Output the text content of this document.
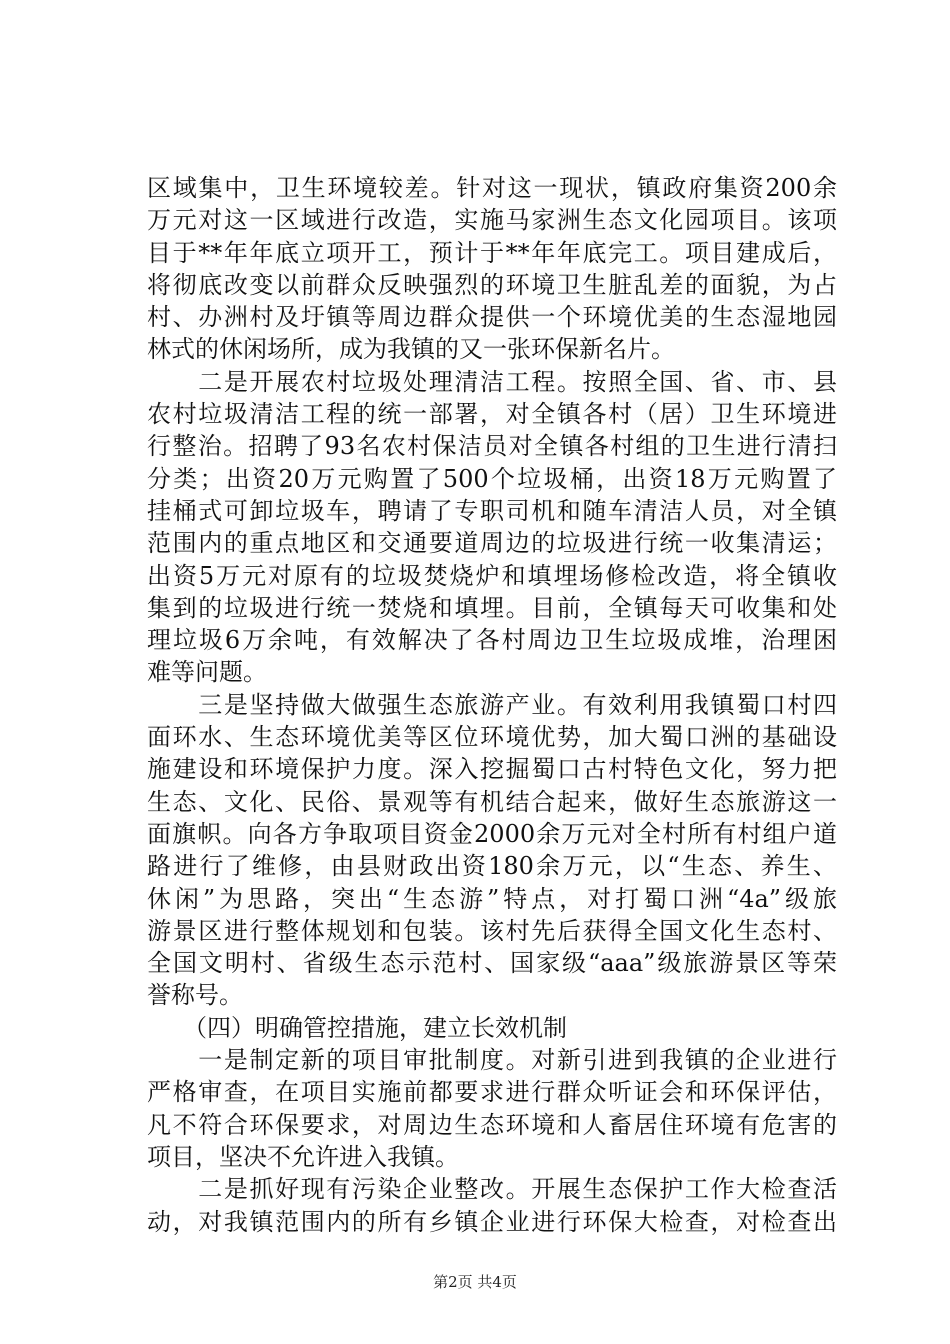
区域集中，卫生环境较差。针对这一现状，镇政府集资200余
万元对这一区域进行改造，实施马家洲生态文化园项目。该项
目于**年年底立项开工，预计于**年年底完工。项目建成后，
将彻底改变以前群众反映强烈的环境卫生脏乱差的面貌，为占
村、办洲村及圩镇等周边群众提供一个环境优美的生态湿地园
林式的休闲场所，成为我镇的又一张环保新名片。
　　二是开展农村垃圾处理清洁工程。按照全国、省、市、县
农村垃圾清洁工程的统一部署，对全镇各村（居）卫生环境进
行整治。招聘了93名农村保洁员对全镇各村组的卫生进行清扫
分类；出资20万元购置了500个垃圾桶，出资18万元购置了
挂桶式可卸垃圾车，聘请了专职司机和随车清洁人员，对全镇
范围内的重点地区和交通要道周边的垃圾进行统一收集清运；
出资5万元对原有的垃圾焚烧炉和填埋场修检改造，将全镇收
集到的垃圾进行统一焚烧和填埋。目前，全镇每天可收集和处
理垃圾6万余吨，有效解决了各村周边卫生垃圾成堆，治理困
难等问题。
　　三是坚持做大做强生态旅游产业。有效利用我镇蜀口村四
面环水、生态环境优美等区位环境优势，加大蜀口洲的基础设
施建设和环境保护力度。深入挖掘蜀口古村特色文化，努力把
生态、文化、民俗、景观等有机结合起来，做好生态旅游这一
面旗帜。向各方争取项目资金2000余万元对全村所有村组户道
路进行了维修，由县财政出资180余万元，以“生态、养生、
休闲”为思路，突出“生态游”特点，对打蜀口洲“4a”级旅
游景区进行整体规划和包装。该村先后获得全国文化生态村、
全国文明村、省级生态示范村、国家级“aaa”级旅游景区等荣
誉称号。
　　（四）明确管控措施，建立长效机制
　　一是制定新的项目审批制度。对新引进到我镇的企业进行
严格审查，在项目实施前都要求进行群众听证会和环保评估，
凡不符合环保要求，对周边生态环境和人畜居住环境有危害的
项目，坚决不允许进入我镇。
　　二是抓好现有污染企业整改。开展生态保护工作大检查活
动，对我镇范围内的所有乡镇企业进行环保大检查，对检查出
第2页 共4页
